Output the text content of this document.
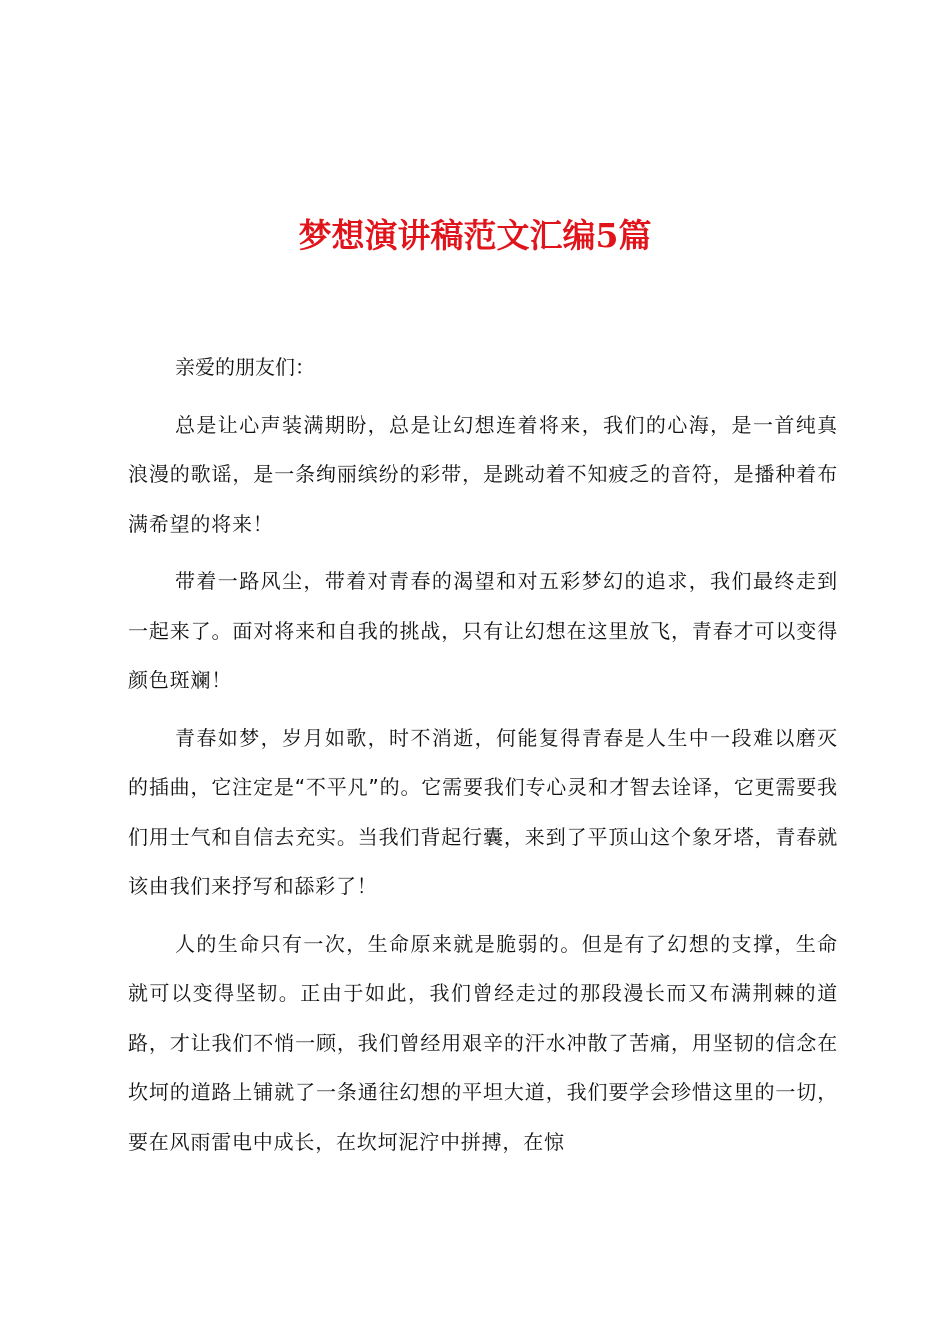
梦想演讲稿范文汇编5篇

亲爱的朋友们：

总是让心声装满期盼，总是让幻想连着将来，我们的心海，是一首纯真浪漫的歌谣，是一条绚丽缤纷的彩带，是跳动着不知疲乏的音符，是播种着布满希望的将来！

带着一路风尘，带着对青春的渴望和对五彩梦幻的追求，我们最终走到一起来了。面对将来和自我的挑战，只有让幻想在这里放飞，青春才可以变得颜色斑斓！

青春如梦，岁月如歌，时不消逝，何能复得青春是人生中一段难以磨灭的插曲，它注定是“不平凡”的。它需要我们专心灵和才智去诠译，它更需要我们用士气和自信去充实。当我们背起行囊，来到了平顶山这个象牙塔，青春就该由我们来抒写和舔彩了！

人的生命只有一次，生命原来就是脆弱的。但是有了幻想的支撑，生命就可以变得坚韧。正由于如此，我们曾经走过的那段漫长而又布满荆棘的道路，才让我们不悄一顾，我们曾经用艰辛的汗水冲散了苦痛，用坚韧的信念在坎坷的道路上铺就了一条通往幻想的平坦大道，我们要学会珍惜这里的一切，要在风雨雷电中成长，在坎坷泥泞中拼搏，在惊
